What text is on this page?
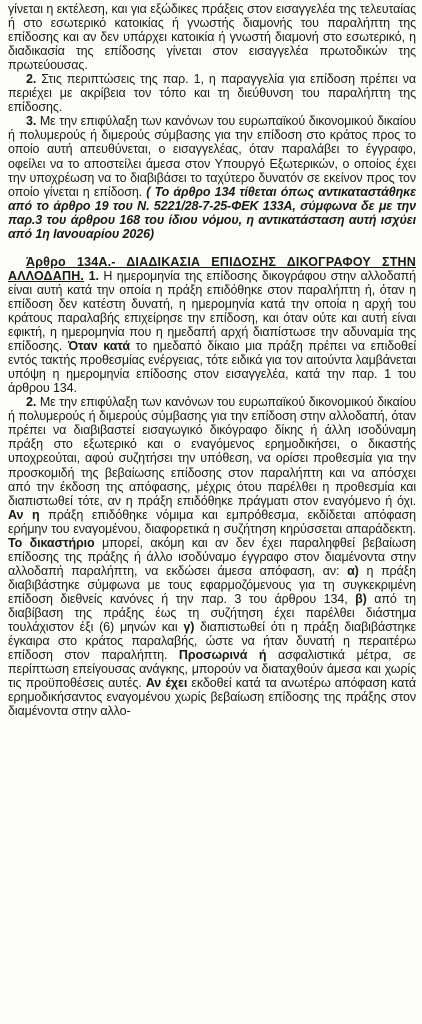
γίνεται η εκτέλεση, και για εξώδικες πράξεις στον εισαγγελέα της τελευταίας ή στο εσωτερικό κατοικίας ή γνωστής διαμονής του παραλήπτη της επίδοσης και αν δεν υπάρχει κατοικία ή γνωστή διαμονή στο εσωτερικό, η διαδικασία της επίδοσης γίνεται στον εισαγγελέα πρωτοδικών της πρωτεύουσας.

2. Στις περιπτώσεις της παρ. 1, η παραγγελία για επίδοση πρέπει να περιέχει με ακρίβεια τον τόπο και τη διεύθυνση του παραλήπτη της επίδοσης.

3. Με την επιφύλαξη των κανόνων του ευρωπαϊκού δικονομικού δικαίου ή πολυμερούς ή διμερούς σύμβασης για την επίδοση στο κράτος προς το οποίο αυτή απευθύνεται, ο εισαγγελέας, όταν παραλάβει το έγγραφο, οφείλει να το αποστείλει άμεσα στον Υπουργό Εξωτερικών, ο οποίος έχει την υποχρέωση να το διαβιβάσει το ταχύτερο δυνατόν σε εκείνον προς τον οποίο γίνεται η επίδοση. ( Το άρθρο 134 τίθεται όπως αντικαταστάθηκε από το άρθρο 19 του Ν. 5221/28-7-25-ΦΕΚ 133Α, σύμφωνα δε με την παρ.3 του άρθρου 168 του ίδιου νόμου, η αντικατάσταση αυτή ισχύει από 1η Ιανουαρίου 2026)

Άρθρο 134Α.- ΔΙΑΔΙΚΑΣΙΑ ΕΠΙΔΟΣΗΣ ΔΙΚΟΓΡΑΦΟΥ ΣΤΗΝ ΑΛΛΟΔΑΠΗ. 1. Η ημερομηνία της επίδοσης δικογράφου στην αλλοδαπή είναι αυτή κατά την οποία η πράξη επιδόθηκε στον παραλήπτη ή, όταν η επίδοση δεν κατέστη δυνατή, η ημερομηνία κατά την οποία η αρχή του κράτους παραλαβής επιχείρησε την επίδοση, και όταν ούτε και αυτή είναι εφικτή, η ημερομηνία που η ημεδαπή αρχή διαπίστωσε την αδυναμία της επίδοσης. Όταν κατά το ημεδαπό δίκαιο μια πράξη πρέπει να επιδοθεί εντός τακτής προθεσμίας ενέργειας, τότε ειδικά για τον αιτούντα λαμβάνεται υπόψη η ημερομηνία επίδοσης στον εισαγγελέα, κατά την παρ. 1 του άρθρου 134.

2. Με την επιφύλαξη των κανόνων του ευρωπαϊκού δικονομικού δικαίου ή πολυμερούς ή διμερούς σύμβασης για την επίδοση στην αλλοδαπή, όταν πρέπει να διαβιβαστεί εισαγωγικό δικόγραφο δίκης ή άλλη ισοδύναμη πράξη στο εξωτερικό και ο εναγόμενος ερημοδικήσει, ο δικαστής υποχρεούται, αφού συζητήσει την υπόθεση, να ορίσει προθεσμία για την προσκομιδή της βεβαίωσης επίδοσης στον παραλήπτη και να απόσχει από την έκδοση της απόφασης, μέχρις ότου παρέλθει η προθεσμία και διαπιστωθεί τότε, αν η πράξη επιδόθηκε πράγματι στον εναγόμενο ή όχι. Αν η πράξη επιδόθηκε νόμιμα και εμπρόθεσμα, εκδίδεται απόφαση ερήμην του εναγομένου, διαφορετικά η συζήτηση κηρύσσεται απαράδεκτη. Το δικαστήριο μπορεί, ακόμη και αν δεν έχει παραληφθεί βεβαίωση επίδοσης της πράξης ή άλλο ισοδύναμο έγγραφο στον διαμένοντα στην αλλοδαπή παραλήπτη, να εκδώσει άμεσα απόφαση, αν: α) η πράξη διαβιβάστηκε σύμφωνα με τους εφαρμοζόμενους για τη συγκεκριμένη επίδοση διεθνείς κανόνες ή την παρ. 3 του άρθρου 134, β) από τη διαβίβαση της πράξης έως τη συζήτηση έχει παρέλθει διάστημα τουλάχιστον έξι (6) μηνών και γ) διαπιστωθεί ότι η πράξη διαβιβάστηκε έγκαιρα στο κράτος παραλαβής, ώστε να ήταν δυνατή η περαιτέρω επίδοση στον παραλήπτη. Προσωρινά ή ασφαλιστικά μέτρα, σε περίπτωση επείγουσας ανάγκης, μπορούν να διαταχθούν άμεσα και χωρίς τις προϋποθέσεις αυτές. Αν έχει εκδοθεί κατά τα ανωτέρω απόφαση κατά ερημοδικήσαντος εναγομένου χωρίς βεβαίωση επίδοσης της πράξης στον διαμένοντα στην αλλο-
